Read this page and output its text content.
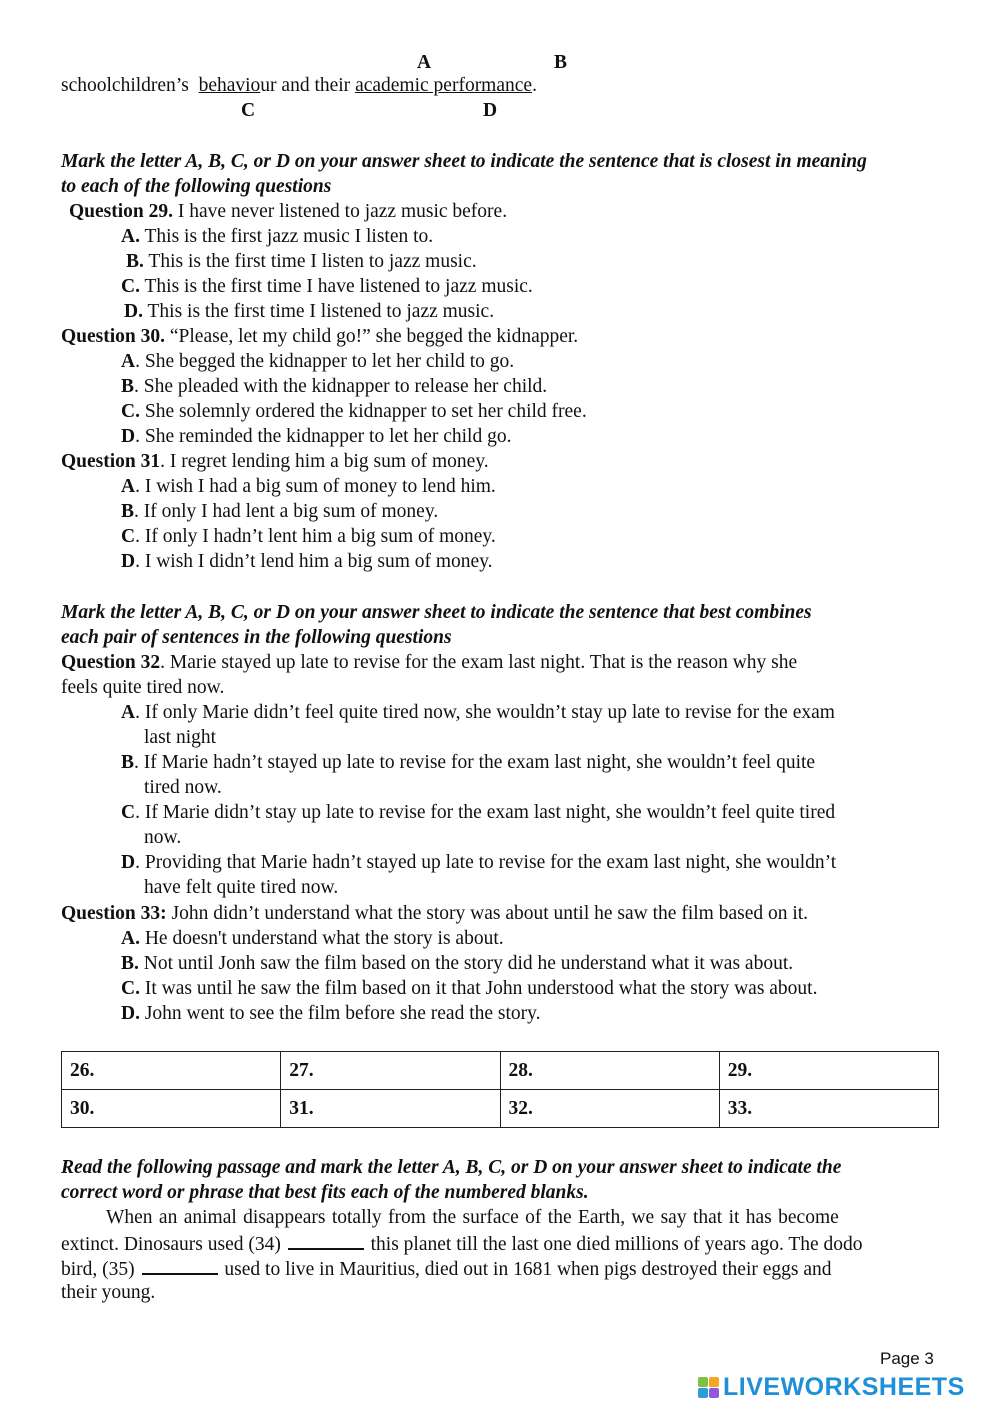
A	B
schoolchildren’s behaviour and their academic performance.
C	D
Mark the letter A, B, C, or D on your answer sheet to indicate the sentence that is closest in meaning
to each of the following questions
Question 29. I have never listened to jazz music before.
A. This is the first jazz music I listen to.
B. This is the first time I listen to jazz music.
C. This is the first time I have listened to jazz music.
D. This is the first time I listened to jazz music.
Question 30. “Please, let my child go!” she begged the kidnapper.
A. She begged the kidnapper to let her child to go.
B. She pleaded with the kidnapper to release her child.
C. She solemnly ordered the kidnapper to set her child free.
D. She reminded the kidnapper to let her child go.
Question 31. I regret lending him a big sum of money.
A. I wish I had a big sum of money to lend him.
B. If only I had lent a big sum of money.
C. If only I hadn’t lent him a big sum of money.
D. I wish I didn’t lend him a big sum of money.
Mark the letter A, B, C, or D on your answer sheet to indicate the sentence that best combines
each pair of sentences in the following questions
Question 32. Marie stayed up late to revise for the exam last night. That is the reason why she
feels quite tired now.
A. If only Marie didn’t feel quite tired now, she wouldn’t stay up late to revise for the exam
last night
B. If Marie hadn’t stayed up late to revise for the exam last night, she wouldn’t feel quite
tired now.
C. If Marie didn’t stay up late to revise for the exam last night, she wouldn’t feel quite tired
now.
D. Providing that Marie hadn’t stayed up late to revise for the exam last night, she wouldn’t
have felt quite tired now.
Question 33: John didn’t understand what the story was about until he saw the film based on it.
A. He doesn't understand what the story is about.
B. Not until Jonh saw the film based on the story did he understand what it was about.
C. It was until he saw the film based on it that John understood what the story was about.
D. John went to see the film before she read the story.
26.	27.	28.	29.
30.	31.	32.	33.
Read the following passage and mark the letter A, B, C, or D on your answer sheet to indicate the
correct word or phrase that best fits each of the numbered blanks.
When an animal disappears totally from the surface of the Earth, we say that it has become
extinct. Dinosaurs used (34)	this planet till the last one died millions of years ago. The dodo
bird, (35)	used to live in Mauritius, died out in 1681 when pigs destroyed their eggs and
their young.
Page 3
LIVEWORKSHEETS
